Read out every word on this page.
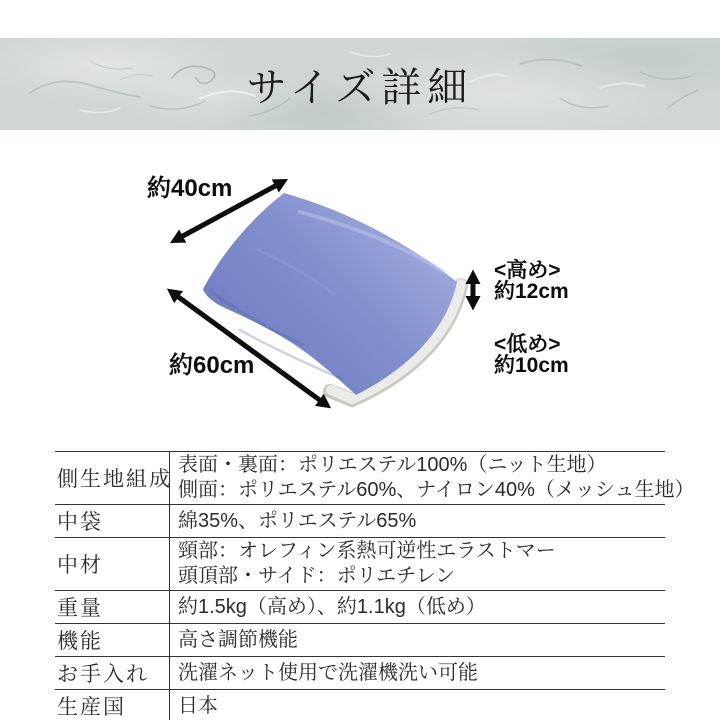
サイズ詳細
約40cm
約60cm
<高め>
約12cm
<低め>
約10cm
側生地組成	表面・裏面：ポリエステル100%（ニット生地）
側面：ポリエステル60%、ナイロン40%（メッシュ生地）

中袋	綿35%、ポリエステル65%

中材	頸部：オレフィン系熱可逆性エラストマー
頭頂部・サイド：ポリエチレン

重量	約1.5kg（高め）、約1.1kg（低め）

機能	高さ調節機能

お手入れ	洗濯ネット使用で洗濯機洗い可能

生産国	日本
